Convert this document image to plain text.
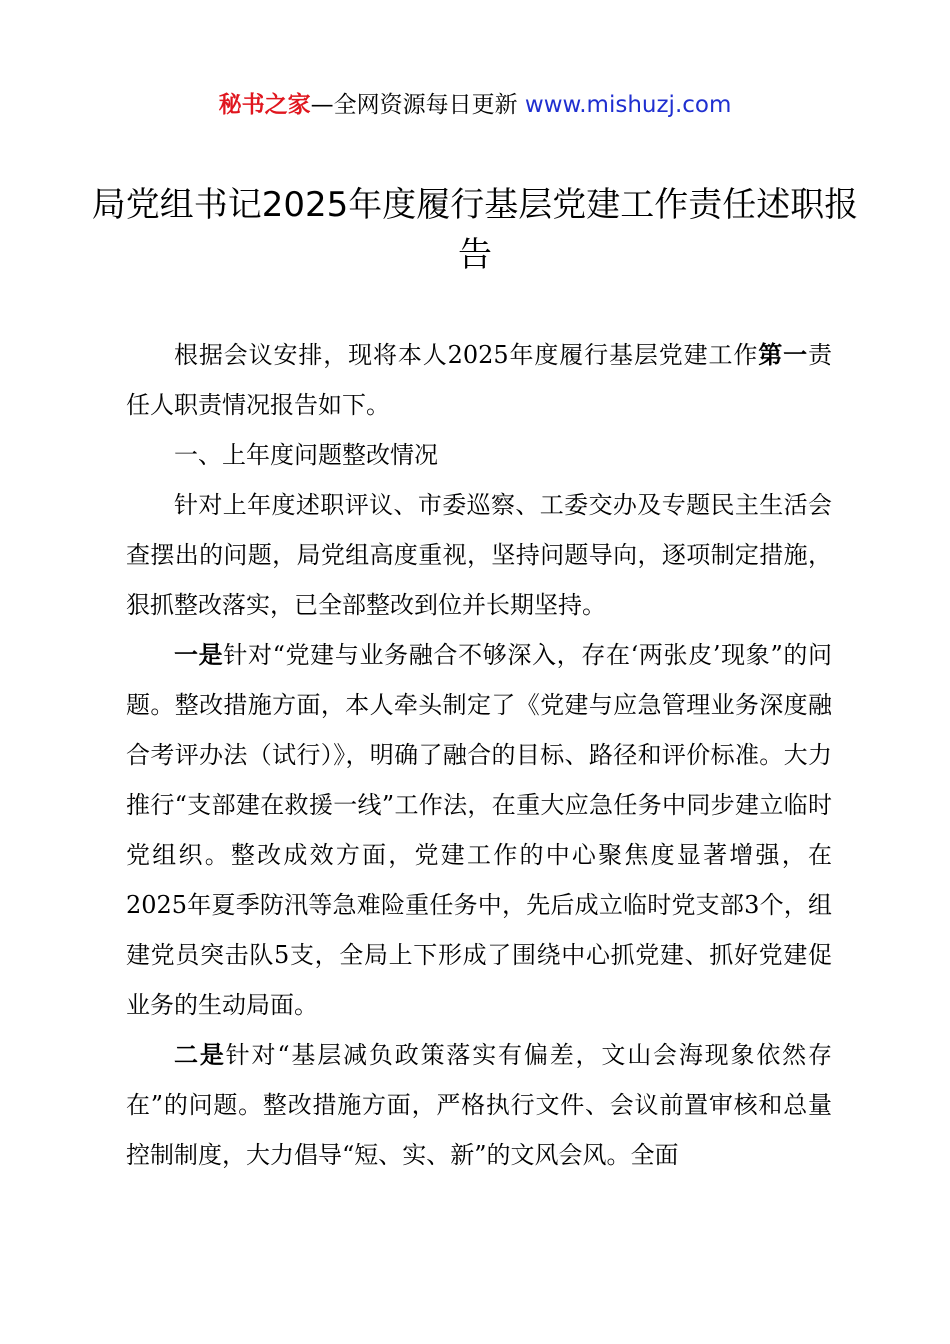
秘书之家—全网资源每日更新 www.mishuzj.com
局党组书记2025年度履行基层党建工作责任述职报告

根据会议安排，现将本人2025年度履行基层党建工作第一责任人职责情况报告如下。

一、上年度问题整改情况

针对上年度述职评议、市委巡察、工委交办及专题民主生活会查摆出的问题，局党组高度重视，坚持问题导向，逐项制定措施，狠抓整改落实，已全部整改到位并长期坚持。

一是针对“党建与业务融合不够深入，存在‘两张皮’现象”的问题。整改措施方面，本人牵头制定了《党建与应急管理业务深度融合考评办法（试行）》，明确了融合的目标、路径和评价标准。大力推行“支部建在救援一线”工作法，在重大应急任务中同步建立临时党组织。整改成效方面，党建工作的中心聚焦度显著增强，在2025年夏季防汛等急难险重任务中，先后成立临时党支部3个，组建党员突击队5支，全局上下形成了围绕中心抓党建、抓好党建促业务的生动局面。

二是针对“基层减负政策落实有偏差，文山会海现象依然存在”的问题。整改措施方面，严格执行文件、会议前置审核和总量控制制度，大力倡导“短、实、新”的文风会风。全面
